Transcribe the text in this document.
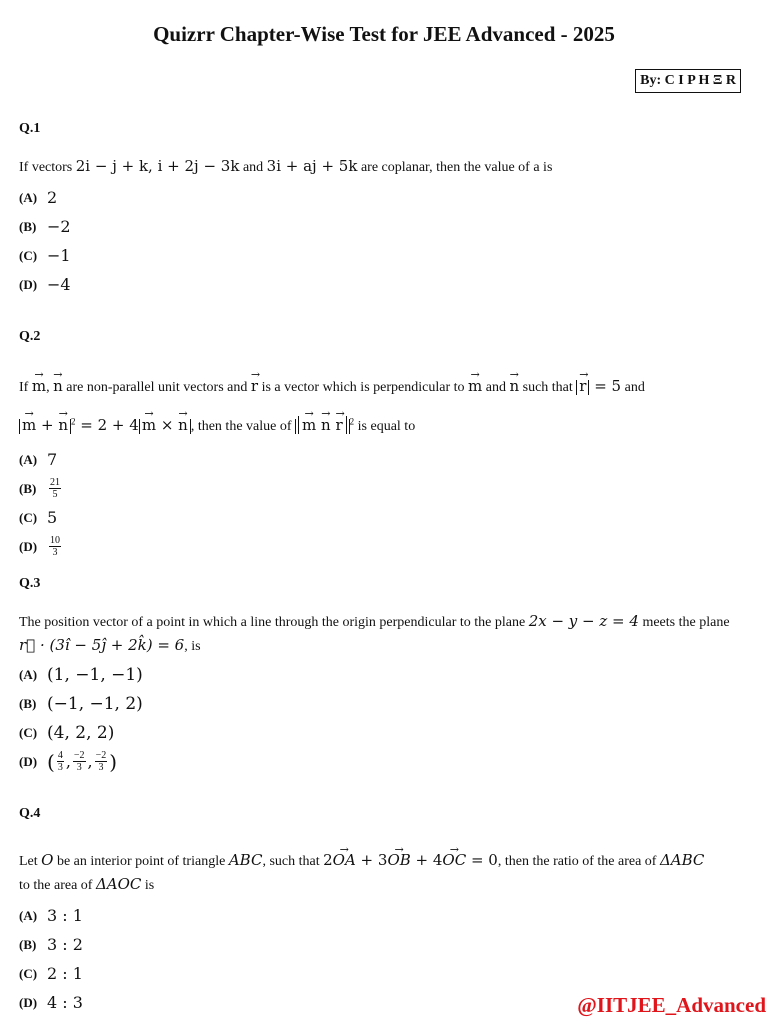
Quizrr Chapter-Wise Test for JEE Advanced - 2025
By: C I P H Ξ R
Q.1
If vectors 2i − j + k, i + 2j − 3k and 3i + aj + 5k are coplanar, then the value of a is
(A) 2
(B) −2
(C) −1
(D) −4
Q.2
If → m, → n are non-parallel unit vectors and → r is a vector which is perpendicular to → m and → n such that → r = 5 and
→ m + → n $^2$ = 2 + 4 → m × → n , then the value of → m → n → r $^2$ is equal to
(A) 7
(B)	$\frac{21}{5}$
(C) 5
(D)	$\frac{10}{3}$
Q.3
The position vector of a point in which a line through the origin perpendicular to the plane 2x − y − z = 4 meets the plane r⃗ · (3î − 5ĵ + 2k̂) = 6, is
(A) (1, −1, −1)
(B) (−1, −1, 2)
(C) (4, 2, 2)
(D) ( $\frac{4}{3}$ , $\frac{-2}{3}$ , $\frac{-2}{3}$ )
Q.4
Let O be an interior point of triangle ABC, such that 2→ OA + 3→ OB + 4→ OC = 0, then the ratio of the area of ΔABC
to the area of ΔAOC is
(A) 3 : 1
(B) 3 : 2
(C) 2 : 1
(D) 4 : 3	@IITJEE_Advanced
